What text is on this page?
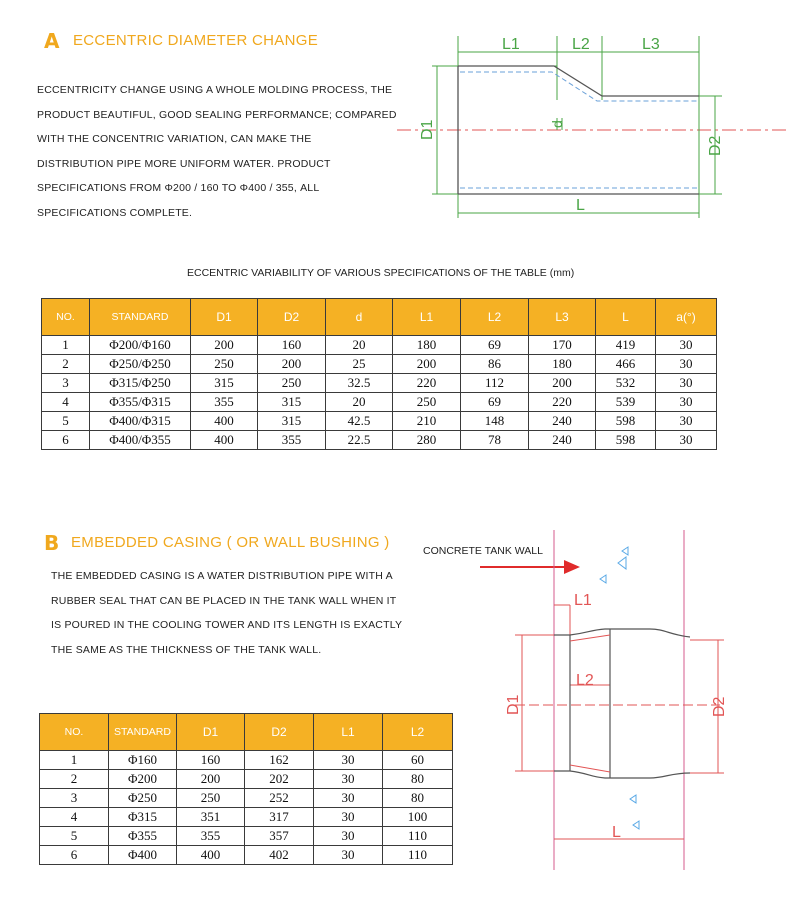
A ECCENTRIC DIAMETER CHANGE
ECCENTRICITY CHANGE USING A WHOLE MOLDING PROCESS, THE
PRODUCT BEAUTIFUL, GOOD SEALING PERFORMANCE; COMPARED
WITH THE CONCENTRIC VARIATION, CAN MAKE THE
DISTRIBUTION PIPE MORE UNIFORM WATER. PRODUCT
SPECIFICATIONS FROM Φ200 / 160 TO Φ400 / 355, ALL
SPECIFICATIONS COMPLETE.
L1	L2	L3
D1
D2
d
L
ECCENTRIC VARIABILITY OF VARIOUS SPECIFICATIONS OF THE TABLE (mm)
NO.	STANDARD	D1	D2	d	L1	L2	L3	L	a(°)
1	Φ200/Φ160	200	160	20	180	69	170	419	30
2	Φ250/Φ250	250	200	25	200	86	180	466	30
3	Φ315/Φ250	315	250	32.5	220	112	200	532	30
4	Φ355/Φ315	355	315	20	250	69	220	539	30
5	Φ400/Φ315	400	315	42.5	210	148	240	598	30
6	Φ400/Φ355	400	355	22.5	280	78	240	598	30
B EMBEDDED CASING ( OR WALL BUSHING )
THE EMBEDDED CASING IS A WATER DISTRIBUTION PIPE WITH A
RUBBER SEAL THAT CAN BE PLACED IN THE TANK WALL WHEN IT
IS POURED IN THE COOLING TOWER AND ITS LENGTH IS EXACTLY
THE SAME AS THE THICKNESS OF THE TANK WALL.
CONCRETE TANK WALL
L1
L2
D1	D2
L
NO.	STANDARD	D1	D2	L1	L2
1	Φ160	160	162	30	60
2	Φ200	200	202	30	80
3	Φ250	250	252	30	80
4	Φ315	351	317	30	100
5	Φ355	355	357	30	110
6	Φ400	400	402	30	110
